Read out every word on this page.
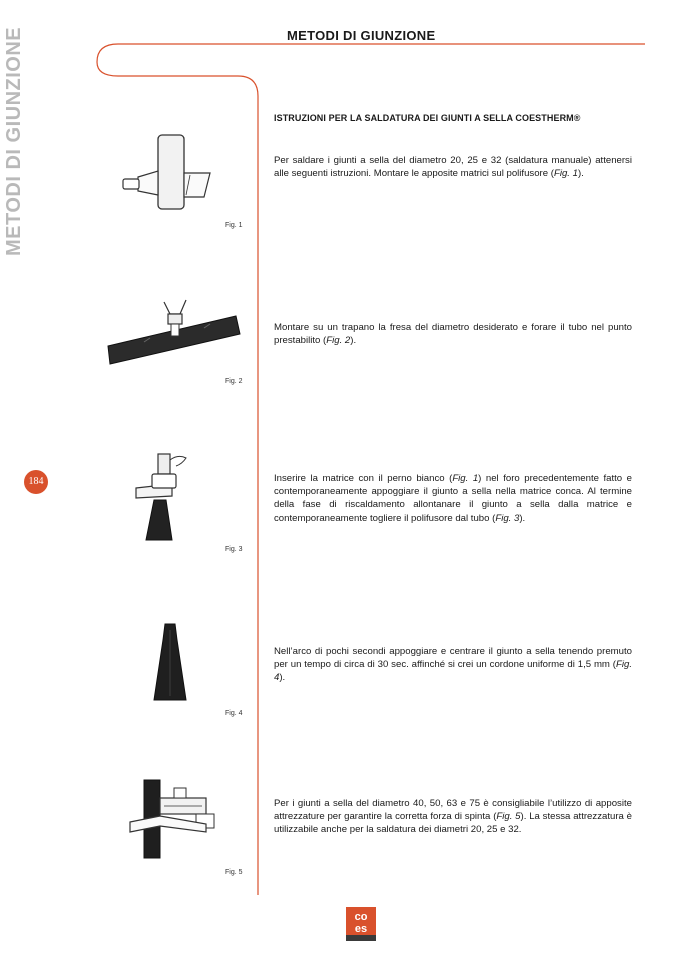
METODI DI GIUNZIONE
METODI DI GIUNZIONE
184
ISTRUZIONI PER LA SALDATURA DEI GIUNTI A SELLA COESTHERM®
Per saldare i giunti a sella del diametro 20, 25 e 32 (saldatura manuale) attenersi alle seguenti istruzioni. Montare le apposite matrici sul polifusore (Fig. 1).
Fig. 1
Montare su un trapano la fresa del diametro desiderato e forare il tubo nel punto prestabilito (Fig. 2).
Fig. 2
Inserire la matrice con il perno bianco (Fig. 1) nel foro precedentemente fatto e contemporaneamente appoggiare il giunto a sella nella matrice conca. Al termine della fase di riscaldamento allontanare il giunto a sella dalla matrice e contemporaneamente togliere il polifusore dal tubo (Fig. 3).
Fig. 3
Nell’arco di pochi secondi appoggiare e centrare il giunto a sella tenendo premuto per un tempo di circa di 30 sec. affinché si crei un cordone uniforme di 1,5 mm (Fig. 4).
Fig. 4
Per i giunti a sella del diametro 40, 50, 63 e 75 è consigliabile l’utilizzo di apposite attrezzature per garantire la corretta forza di spinta (Fig. 5). La stessa attrezzatura è utilizzabile anche per la saldatura dei diametri 20, 25 e 32.
Fig. 5
co
es
